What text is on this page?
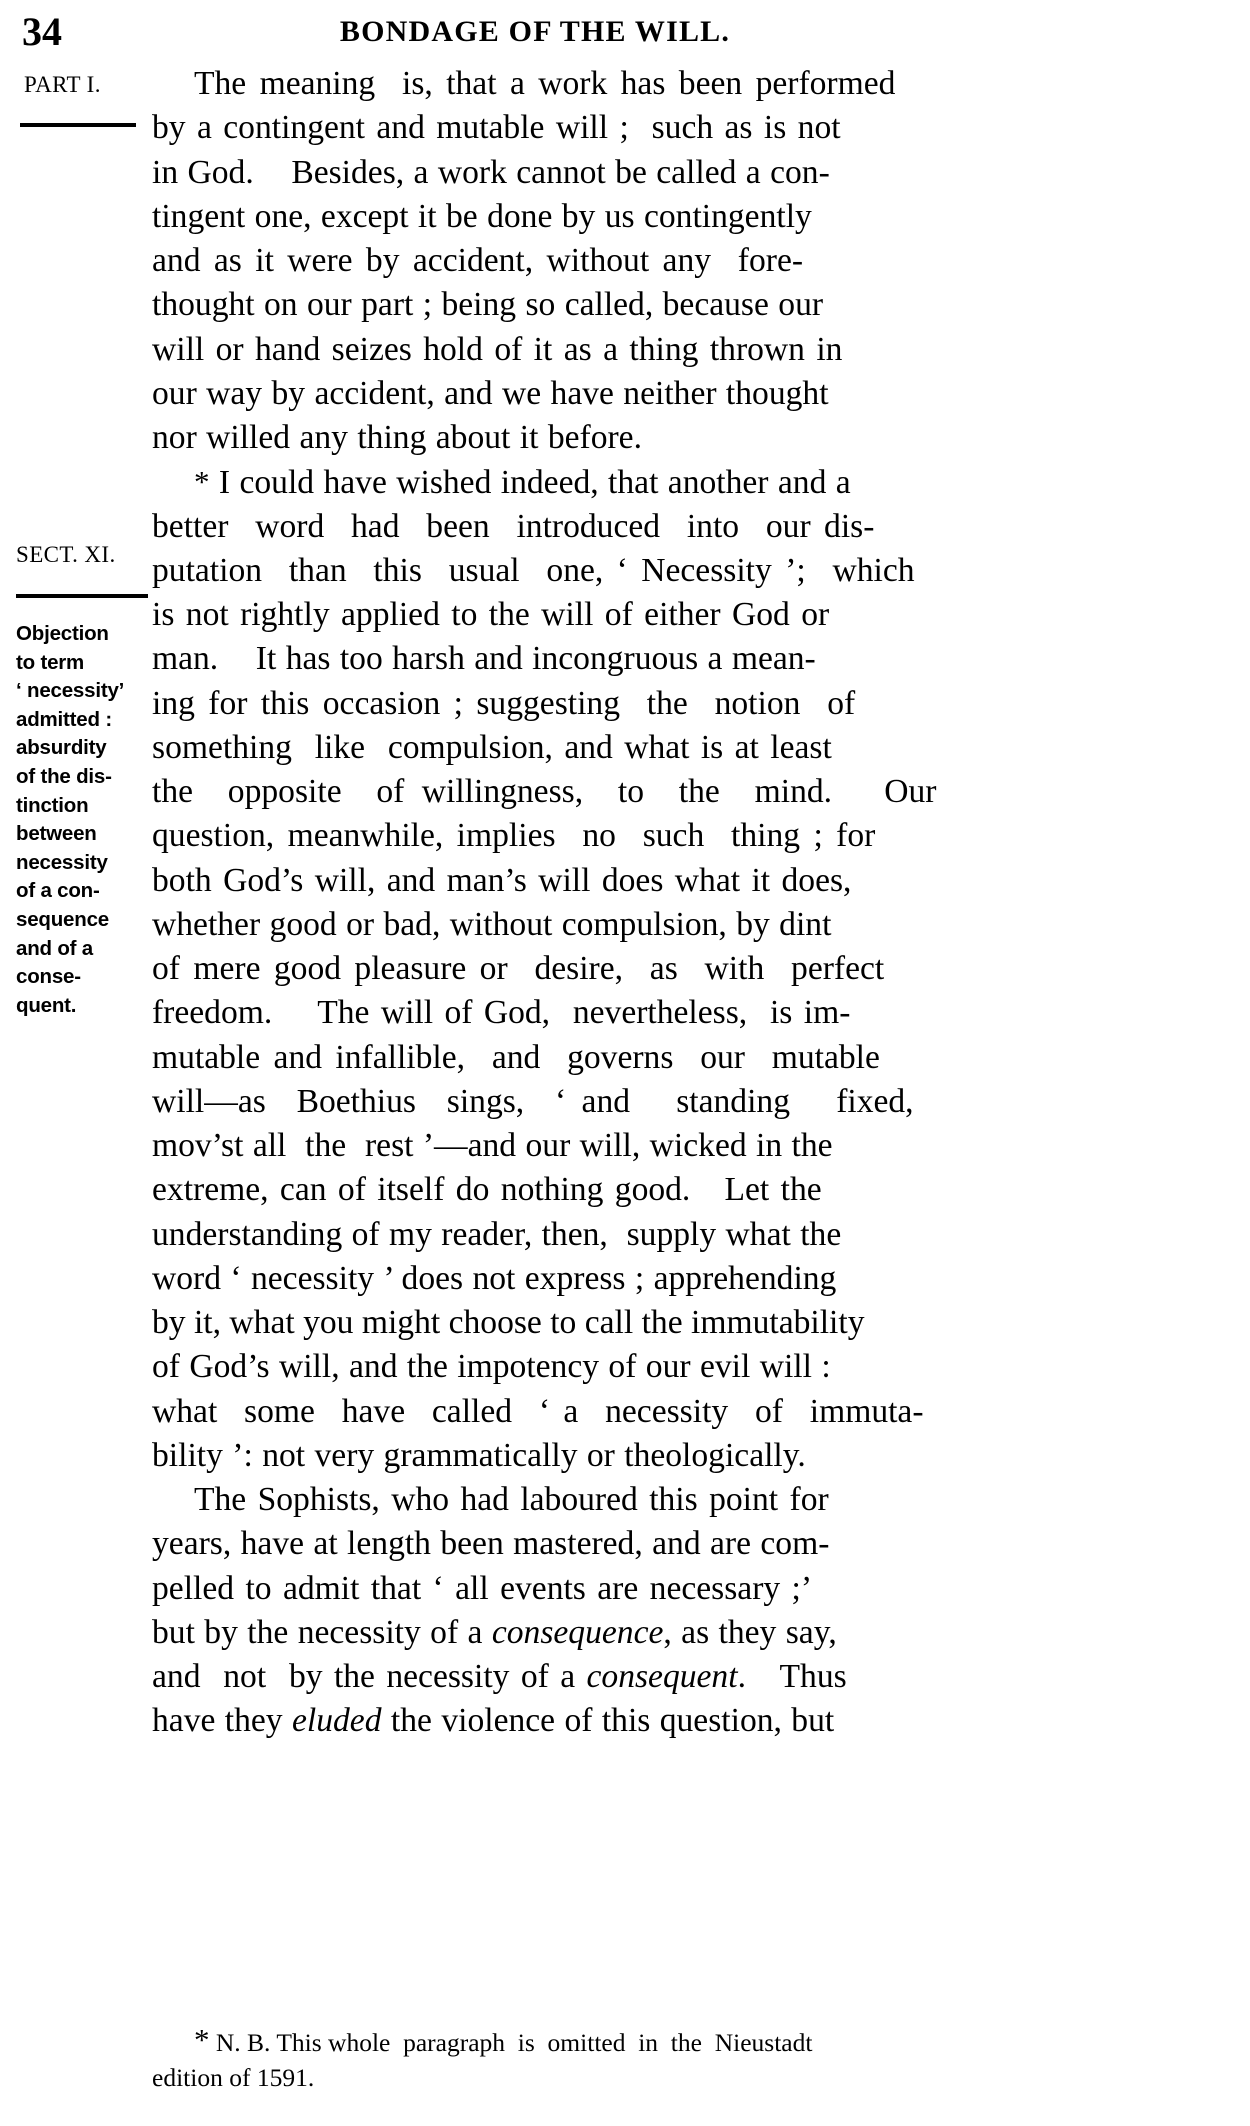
34	BONDAGE OF THE WILL.
PART I.
SECT. XI.
Objection
to term
‘ necessity’
admitted :
absurdity
of the dis-
tinction
between
necessity
of a con-
sequence
and of a
conse-
quent.
The meaning  is, that a work has been performed
by a contingent and mutable will ;  such as is not
in God.    Besides, a work cannot be called a con-
tingent one, except it be done by us contingently
and as it were by accident, without any  fore-
thought on our part ; being so called, because our
will or hand seizes hold of it as a thing thrown in
our way by accident, and we have neither thought
nor willed any thing about it before.
* I could have wished indeed, that another and a
better  word  had  been  introduced  into  our dis-
putation  than  this  usual  one, ‘ Necessity ’;  which
is not rightly applied to the will of either God or
man.    It has too harsh and incongruous a mean-
ing for this occasion ; suggesting  the  notion  of
something  like  compulsion, and what is at least
the  opposite  of willingness,  to  the  mind.   Our
question, meanwhile, implies  no  such  thing ; for
both God’s will, and man’s will does what it does,
whether good or bad, without compulsion, by dint
of mere good pleasure or  desire,  as  with  perfect
freedom.    The will of God,  nevertheless,  is im-
mutable and infallible,  and  governs  our  mutable
will—as  Boethius  sings,  ‘ and   standing   fixed,
mov’st all  the  rest ’—and our will, wicked in the
extreme, can of itself do nothing good.   Let the
understanding of my reader, then,  supply what the
word ‘ necessity ’ does not express ; apprehending
by it, what you might choose to call the immutability
of God’s will, and the impotency of our evil will :
what  some  have  called  ‘ a  necessity  of  immuta-
bility ’: not very grammatically or theologically.
The Sophists, who had laboured this point for
years, have at length been mastered, and are com-
pelled to admit that ‘ all events are necessary ;’
but by the necessity of a consequence, as they say,
and  not  by the necessity of a consequent.   Thus
have they eluded the violence of this question, but
* N. B. This whole  paragraph  is  omitted  in  the  Nieustadt
edition of 1591.
